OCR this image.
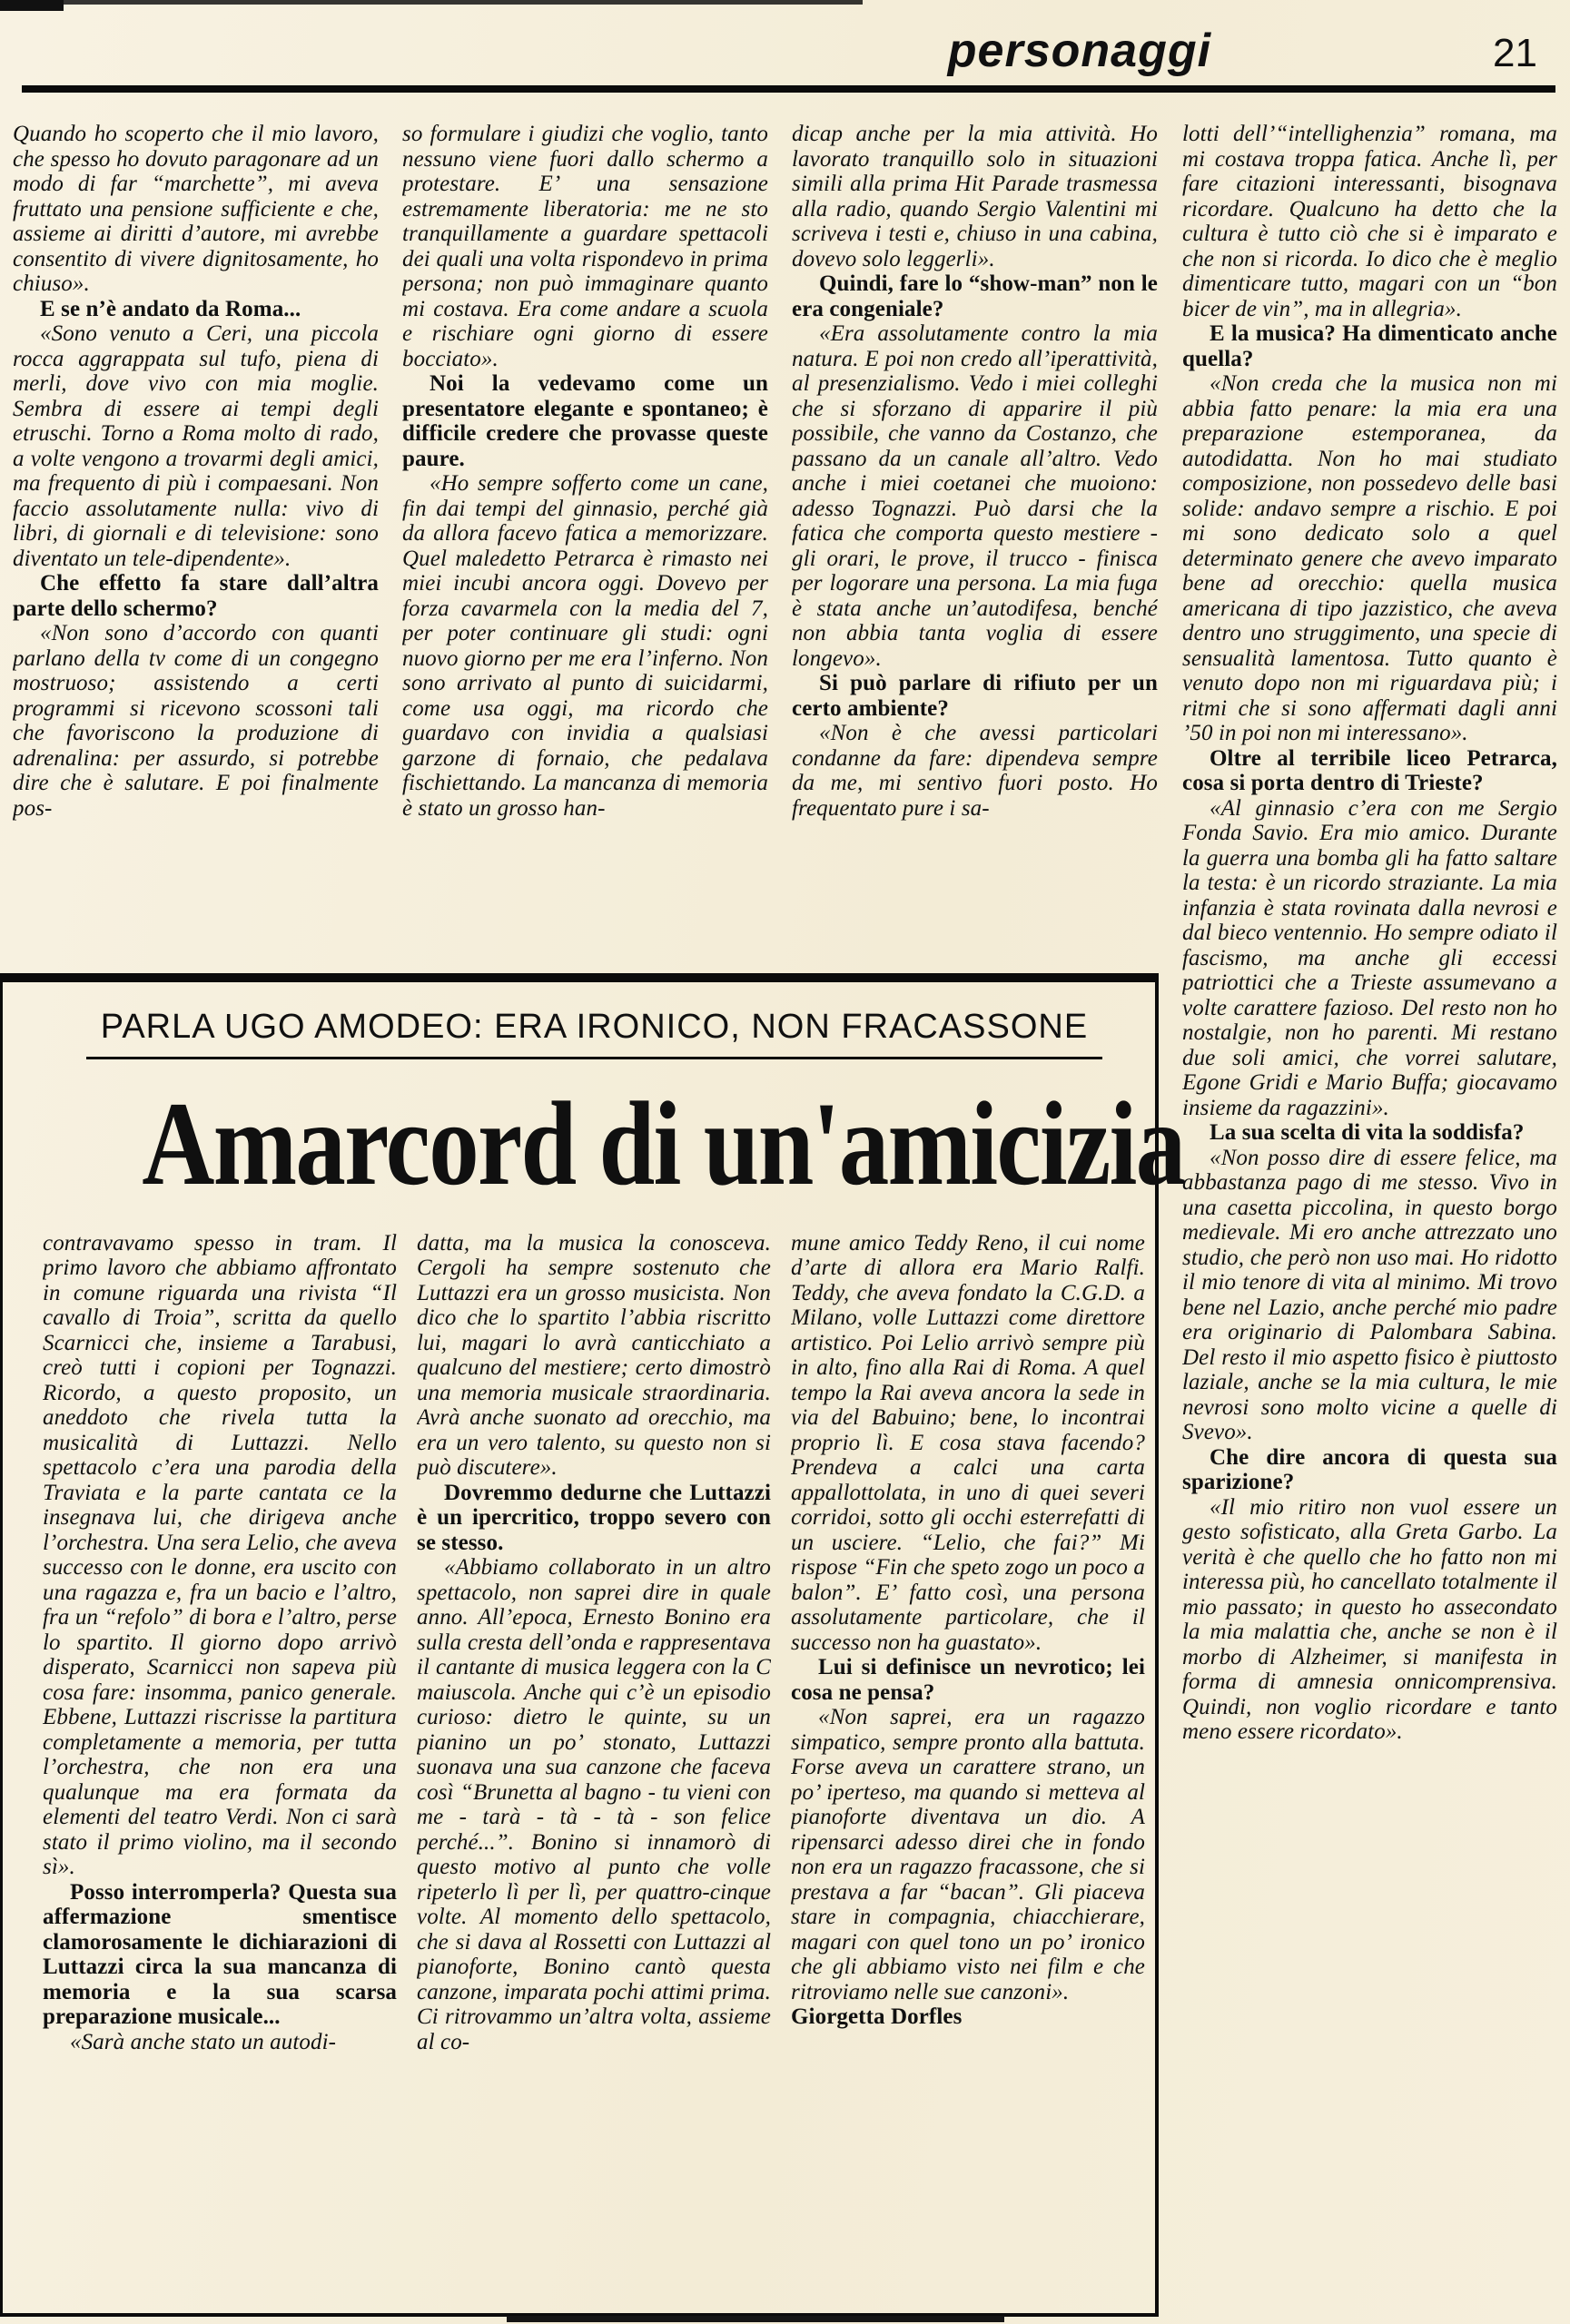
personaggi	21

Quando ho scoperto che il mio lavoro, che spesso ho dovuto paragonare ad un modo di far “marchette”, mi aveva fruttato una pensione sufficiente e che, assieme ai diritti d’autore, mi avrebbe consentito di vivere dignitosamente, ho chiuso».

E se n’è andato da Roma...

«Sono venuto a Ceri, una piccola rocca aggrappata sul tufo, piena di merli, dove vivo con mia moglie. Sembra di essere ai tempi degli etruschi. Torno a Roma molto di rado, a volte vengono a trovarmi degli amici, ma frequento di più i compaesani. Non faccio assolutamente nulla: vivo di libri, di giornali e di televisione: sono diventato un tele-dipendente».

Che effetto fa stare dall’altra parte dello schermo?

«Non sono d’accordo con quanti parlano della tv come di un congegno mostruoso; assistendo a certi programmi si ricevono scossoni tali che favoriscono la produzione di adrenalina: per assurdo, si potrebbe dire che è salutare. E poi finalmente pos-

so formulare i giudizi che voglio, tanto nessuno viene fuori dallo schermo a protestare. E’ una sensazione estremamente liberatoria: me ne sto tranquillamente a guardare spettacoli dei quali una volta rispondevo in prima persona; non può immaginare quanto mi costava. Era come andare a scuola e rischiare ogni giorno di essere bocciato».

Noi la vedevamo come un presentatore elegante e spontaneo; è difficile credere che provasse queste paure.

«Ho sempre sofferto come un cane, fin dai tempi del ginnasio, perché già da allora facevo fatica a memorizzare. Quel maledetto Petrarca è rimasto nei miei incubi ancora oggi. Dovevo per forza cavarmela con la media del 7, per poter continuare gli studi: ogni nuovo giorno per me era l’inferno. Non sono arrivato al punto di suicidarmi, come usa oggi, ma ricordo che guardavo con invidia a qualsiasi garzone di fornaio, che pedalava fischiettando. La mancanza di memoria è stato un grosso han-

dicap anche per la mia attività. Ho lavorato tranquillo solo in situazioni simili alla prima Hit Parade trasmessa alla radio, quando Sergio Valentini mi scriveva i testi e, chiuso in una cabina, dovevo solo leggerli».

Quindi, fare lo “show-man” non le era congeniale?

«Era assolutamente contro la mia natura. E poi non credo all’iperattività, al presenzialismo. Vedo i miei colleghi che si sforzano di apparire il più possibile, che vanno da Costanzo, che passano da un canale all’altro. Vedo anche i miei coetanei che muoiono: adesso Tognazzi. Può darsi che la fatica che comporta questo mestiere - gli orari, le prove, il trucco - finisca per logorare una persona. La mia fuga è stata anche un’autodifesa, benché non abbia tanta voglia di essere longevo».

Si può parlare di rifiuto per un certo ambiente?

«Non è che avessi particolari condanne da fare: dipendeva sempre da me, mi sentivo fuori posto. Ho frequentato pure i sa-

PARLA UGO AMODEO: ERA IRONICO, NON FRACASSONE
Amarcord di un'amicizia

contravavamo spesso in tram. Il primo lavoro che abbiamo affrontato in comune riguarda una rivista “Il cavallo di Troia”, scritta da quello Scarnicci che, insieme a Tarabusi, creò tutti i copioni per Tognazzi. Ricordo, a questo proposito, un aneddoto che rivela tutta la musicalità di Luttazzi. Nello spettacolo c’era una parodia della Traviata e la parte cantata ce la insegnava lui, che dirigeva anche l’orchestra. Una sera Lelio, che aveva successo con le donne, era uscito con una ragazza e, fra un bacio e l’altro, fra un “refolo” di bora e l’altro, perse lo spartito. Il giorno dopo arrivò disperato, Scarnicci non sapeva più cosa fare: insomma, panico generale. Ebbene, Luttazzi riscrisse la partitura completamente a memoria, per tutta l’orchestra, che non era una qualunque ma era formata da elementi del teatro Verdi. Non ci sarà stato il primo violino, ma il secondo sì».

Posso interromperla? Questa sua affermazione smentisce clamorosamente le dichiarazioni di Luttazzi circa la sua mancanza di memoria e la sua scarsa preparazione musicale...

«Sarà anche stato un autodi-

datta, ma la musica la conosceva. Cergoli ha sempre sostenuto che Luttazzi era un grosso musicista. Non dico che lo spartito l’abbia riscritto lui, magari lo avrà canticchiato a qualcuno del mestiere; certo dimostrò una memoria musicale straordinaria. Avrà anche suonato ad orecchio, ma era un vero talento, su questo non si può discutere».

Dovremmo dedurne che Luttazzi è un ipercritico, troppo severo con se stesso.

«Abbiamo collaborato in un altro spettacolo, non saprei dire in quale anno. All’epoca, Ernesto Bonino era sulla cresta dell’onda e rappresentava il cantante di musica leggera con la C maiuscola. Anche qui c’è un episodio curioso: dietro le quinte, su un pianino un po’ stonato, Luttazzi suonava una sua canzone che faceva così “Brunetta al bagno - tu vieni con me - tarà - tà - tà - son felice perché...”. Bonino si innamorò di questo motivo al punto che volle ripeterlo lì per lì, per quattro-cinque volte. Al momento dello spettacolo, che si dava al Rossetti con Luttazzi al pianoforte, Bonino cantò questa canzone, imparata pochi attimi prima. Ci ritrovammo un’altra volta, assieme al co-

mune amico Teddy Reno, il cui nome d’arte di allora era Mario Ralfi. Teddy, che aveva fondato la C.G.D. a Milano, volle Luttazzi come direttore artistico. Poi Lelio arrivò sempre più in alto, fino alla Rai di Roma. A quel tempo la Rai aveva ancora la sede in via del Babuino; bene, lo incontrai proprio lì. E cosa stava facendo? Prendeva a calci una carta appallottolata, in uno di quei severi corridoi, sotto gli occhi esterrefatti di un usciere. “Lelio, che fai?” Mi rispose “Fin che speto zogo un poco a balon”. E’ fatto così, una persona assolutamente particolare, che il successo non ha guastato».

Lui si definisce un nevrotico; lei cosa ne pensa?

«Non saprei, era un ragazzo simpatico, sempre pronto alla battuta. Forse aveva un carattere strano, un po’ iperteso, ma quando si metteva al pianoforte diventava un dio. A ripensarci adesso direi che in fondo non era un ragazzo fracassone, che si prestava a far “bacan”. Gli piaceva stare in compagnia, chiacchierare, magari con quel tono un po’ ironico che gli abbiamo visto nei film e che ritroviamo nelle sue canzoni».

Giorgetta Dorfles

lotti dell’“intellighenzia” romana, ma mi costava troppa fatica. Anche lì, per fare citazioni interessanti, bisognava ricordare. Qualcuno ha detto che la cultura è tutto ciò che si è imparato e che non si ricorda. Io dico che è meglio dimenticare tutto, magari con un “bon bicer de vin”, ma in allegria».

E la musica? Ha dimenticato anche quella?

«Non creda che la musica non mi abbia fatto penare: la mia era una preparazione estemporanea, da autodidatta. Non ho mai studiato composizione, non possedevo delle basi solide: andavo sempre a rischio. E poi mi sono dedicato solo a quel determinato genere che avevo imparato bene ad orecchio: quella musica americana di tipo jazzistico, che aveva dentro uno struggimento, una specie di sensualità lamentosa. Tutto quanto è venuto dopo non mi riguardava più; i ritmi che si sono affermati dagli anni ’50 in poi non mi interessano».

Oltre al terribile liceo Petrarca, cosa si porta dentro di Trieste?

«Al ginnasio c’era con me Sergio Fonda Savio. Era mio amico. Durante la guerra una bomba gli ha fatto saltare la testa: è un ricordo straziante. La mia infanzia è stata rovinata dalla nevrosi e dal bieco ventennio. Ho sempre odiato il fascismo, ma anche gli eccessi patriottici che a Trieste assumevano a volte carattere fazioso. Del resto non ho nostalgie, non ho parenti. Mi restano due soli amici, che vorrei salutare, Egone Gridi e Mario Buffa; giocavamo insieme da ragazzini».

La sua scelta di vita la soddisfa?

«Non posso dire di essere felice, ma abbastanza pago di me stesso. Vivo in una casetta piccolina, in questo borgo medievale. Mi ero anche attrezzato uno studio, che però non uso mai. Ho ridotto il mio tenore di vita al minimo. Mi trovo bene nel Lazio, anche perché mio padre era originario di Palombara Sabina. Del resto il mio aspetto fisico è piuttosto laziale, anche se la mia cultura, le mie nevrosi sono molto vicine a quelle di Svevo».

Che dire ancora di questa sua sparizione?

«Il mio ritiro non vuol essere un gesto sofisticato, alla Greta Garbo. La verità è che quello che ho fatto non mi interessa più, ho cancellato totalmente il mio passato; in questo ho assecondato la mia malattia che, anche se non è il morbo di Alzheimer, si manifesta in forma di amnesia onnicomprensiva. Quindi, non voglio ricordare e tanto meno essere ricordato».
